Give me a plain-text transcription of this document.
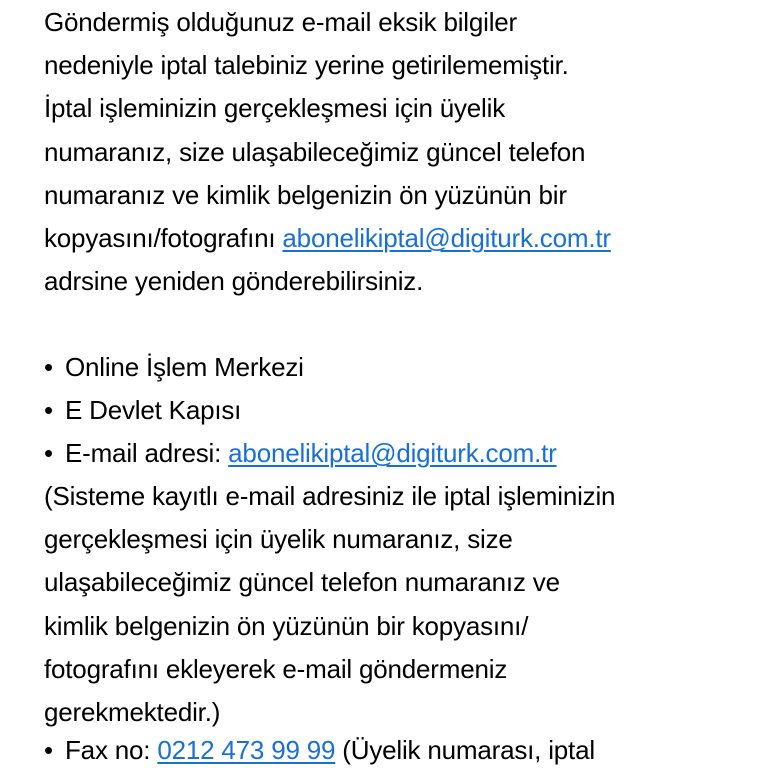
Göndermiş olduğunuz e-mail eksik bilgiler
nedeniyle iptal talebiniz yerine getirilememiştir.
İptal işleminizin gerçekleşmesi için üyelik
numaranız, size ulaşabileceğimiz güncel telefon
numaranız ve kimlik belgenizin ön yüzünün bir
kopyasını/fotografını abonelikiptal@digiturk.com.tr
adrsine yeniden gönderebilirsiniz.
• Online İşlem Merkezi
• E Devlet Kapısı
• E-mail adresi: abonelikiptal@digiturk.com.tr
(Sisteme kayıtlı e-mail adresiniz ile iptal işleminizin
gerçekleşmesi için üyelik numaranız, size
ulaşabileceğimiz güncel telefon numaranız ve
kimlik belgenizin ön yüzünün bir kopyasını/
fotografını ekleyerek e-mail göndermeniz
gerekmektedir.)
• Fax no: 0212 473 99 99 (Üyelik numarası, iptal
